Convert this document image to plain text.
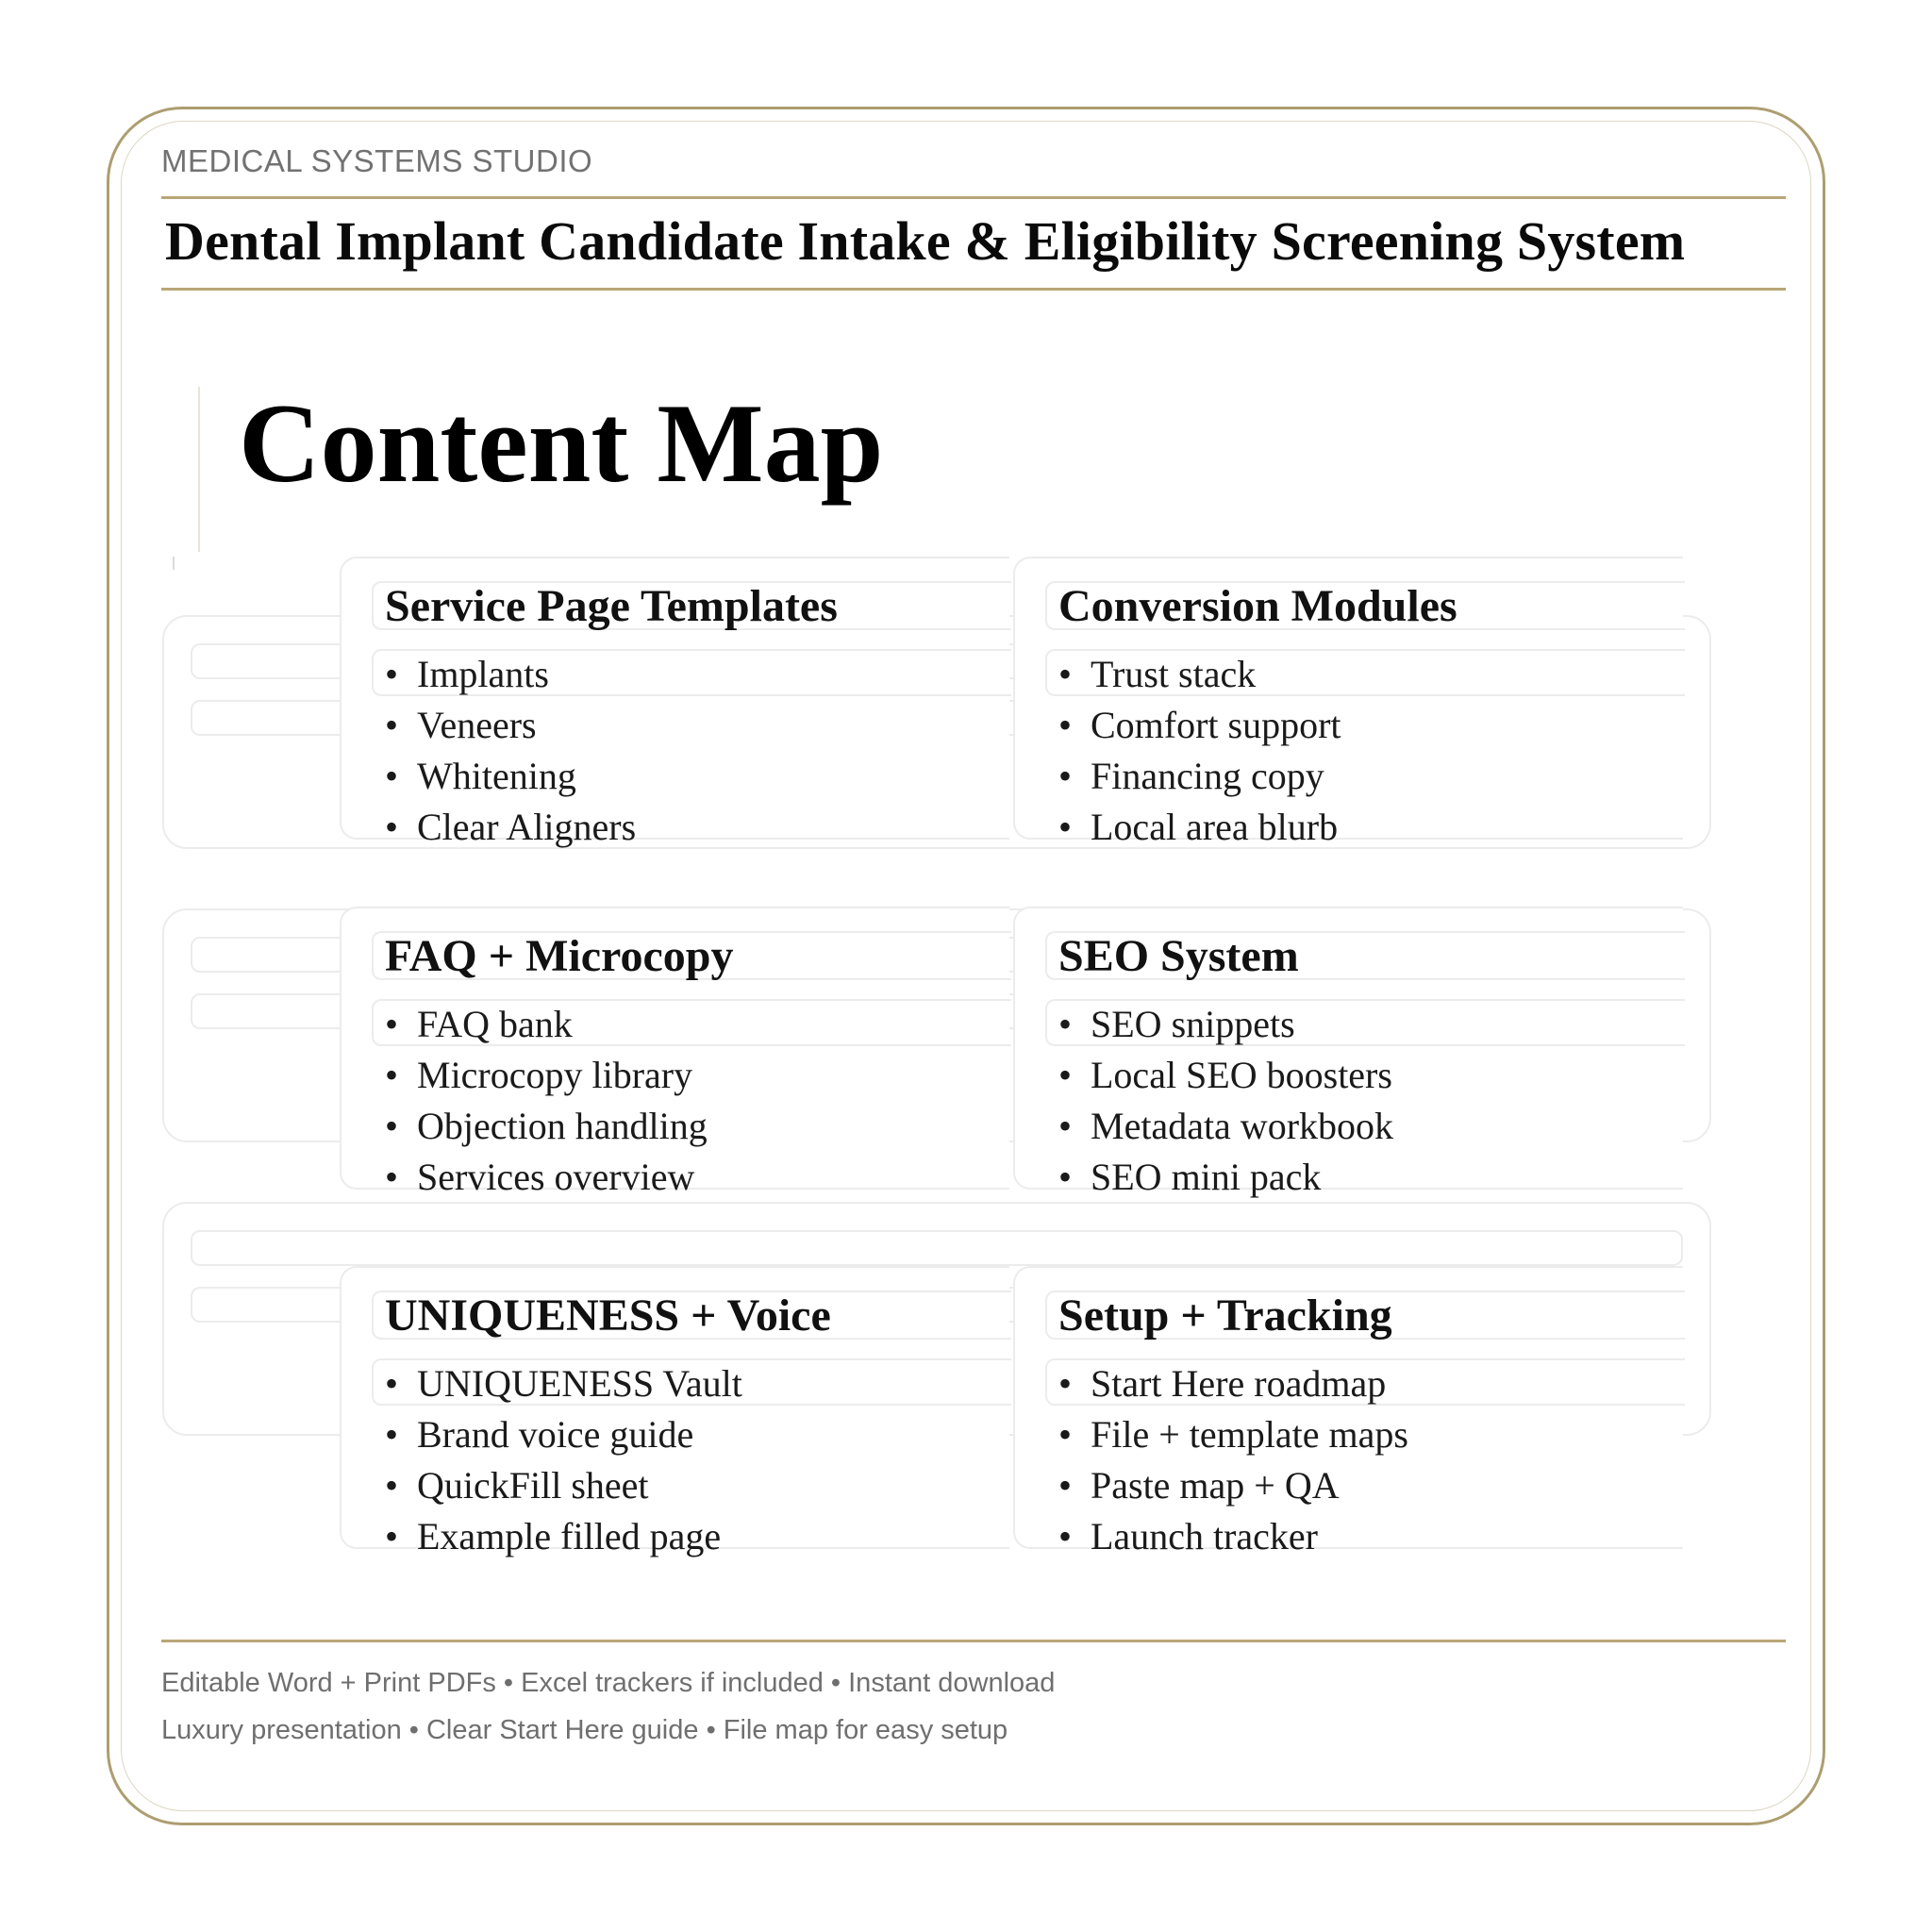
MEDICAL SYSTEMS STUDIO
Dental Implant Candidate Intake & Eligibility Screening System
Content Map
Service Page Templates
• Implants
• Veneers
• Whitening
• Clear Aligners
Conversion Modules
• Trust stack
• Comfort support
• Financing copy
• Local area blurb
FAQ + Microcopy
• FAQ bank
• Microcopy library
• Objection handling
• Services overview
SEO System
• SEO snippets
• Local SEO boosters
• Metadata workbook
• SEO mini pack
UNIQUENESS + Voice
• UNIQUENESS Vault
• Brand voice guide
• QuickFill sheet
• Example filled page
Setup + Tracking
• Start Here roadmap
• File + template maps
• Paste map + QA
• Launch tracker
Editable Word + Print PDFs • Excel trackers if included • Instant download
Luxury presentation • Clear Start Here guide • File map for easy setup
